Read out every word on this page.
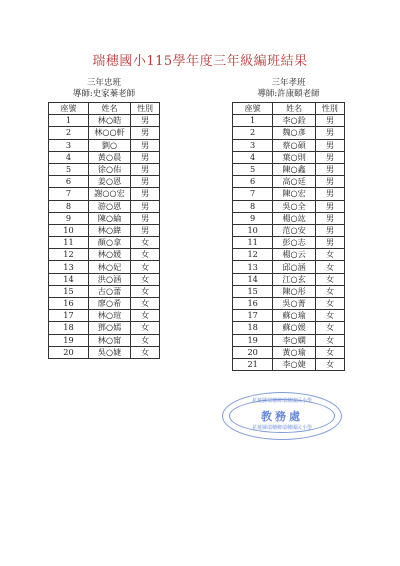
瑞穗國小115學年度三年級編班結果
三年忠班
導師:史家蓁老師
座號	姓名	性別
1	林○皓	男
2	林○○軒	男
3	劉○	男
4	黃○晨	男
5	徐○佑	男
6	姜○恩	男
7	謝○○宏	男
8	游○恩	男
9	陳○綸	男
10	林○緯	男
11	顏○拿	女
12	林○媛	女
13	林○妃	女
14	洪○涵	女
15	古○蕾	女
16	廖○希	女
17	林○瑄	女
18	鄧○嫣	女
19	林○甯	女
20	吳○婕	女
三年孝班
導師:許康頤老師
座號	姓名	性別
1	李○銓	男
2	魏○彥	男
3	蔡○碩	男
4	葉○則	男
5	陳○鑫	男
6	高○廷	男
7	陳○宏	男
8	吳○全	男
9	楊○竑	男
10	范○安	男
11	彭○志	男
12	楊○云	女
13	邱○涵	女
14	江○玄	女
15	陳○彤	女
16	吳○菁	女
17	蘇○瑜	女
18	蘇○媛	女
19	李○嫻	女
20	黃○瑜	女
21	李○婕	女
花蓮縣瑞穗鄉瑞穗國民小學
教務處
花蓮縣瑞穗鄉瑞穗國民小學
